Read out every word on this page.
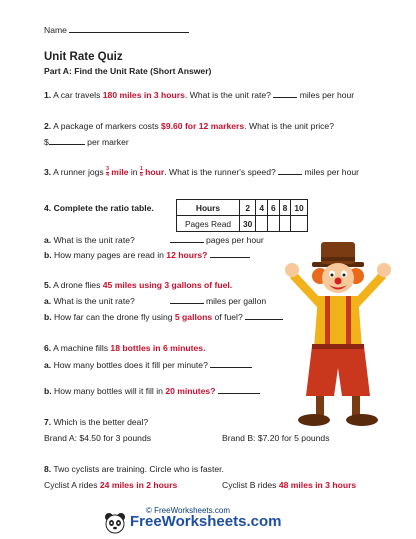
Name
Unit Rate Quiz
Part A: Find the Unit Rate (Short Answer)
1. A car travels 180 miles in 3 hours. What is the unit rate?	miles per hour
2. A package of markers costs $9.60 for 12 markers. What is the unit price?
$	per marker
3. A runner jogs $\frac{3}{4}$ mile in $\frac{1}{6}$ hour. What is the runner's speed?	miles per hour
4. Complete the ratio table.	Hours	2	4	6	8	10
Pages Read	30				
a. What is the unit rate?	pages per hour
b. How many pages are read in 12 hours?
5. A drone flies 45 miles using 3 gallons of fuel.
a. What is the unit rate?	miles per gallon
b. How far can the drone fly using 5 gallons of fuel?
6. A machine fills 18 bottles in 6 minutes.
a. How many bottles does it fill per minute?
b. How many bottles will it fill in 20 minutes?
7. Which is the better deal?
Brand A: $4.50 for 3 pounds	Brand B: $7.20 for 5 pounds
8. Two cyclists are training. Circle who is faster.
Cyclist A rides 24 miles in 2 hours	Cyclist B rides 48 miles in 3 hours
© FreeWorksheets.com
FreeWorksheets.com
